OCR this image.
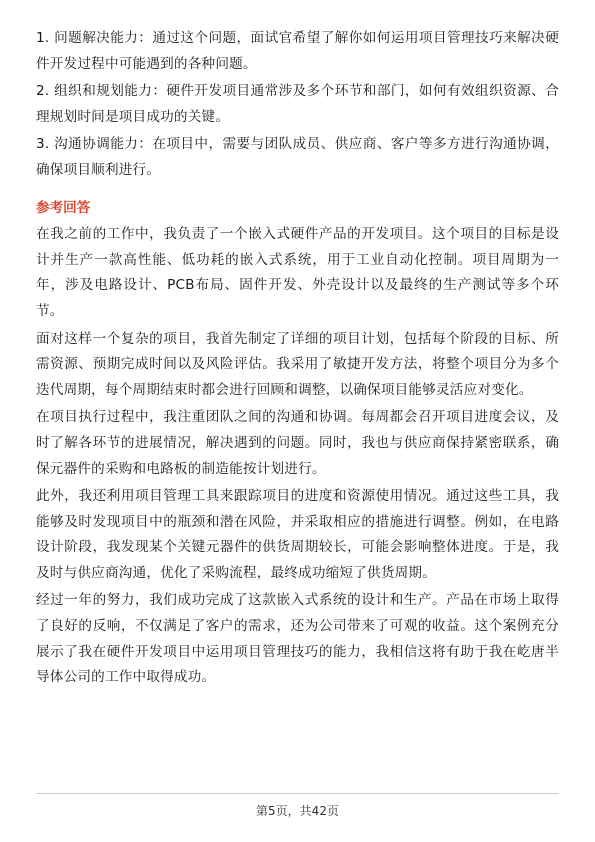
1. 问题解决能力：通过这个问题，面试官希望了解你如何运用项目管理技巧来解决硬件开发过程中可能遇到的各种问题。

2. 组织和规划能力：硬件开发项目通常涉及多个环节和部门，如何有效组织资源、合理规划时间是项目成功的关键。

3. 沟通协调能力：在项目中，需要与团队成员、供应商、客户等多方进行沟通协调，确保项目顺利进行。

参考回答

在我之前的工作中，我负责了一个嵌入式硬件产品的开发项目。这个项目的目标是设计并生产一款高性能、低功耗的嵌入式系统，用于工业自动化控制。项目周期为一年，涉及电路设计、PCB布局、固件开发、外壳设计以及最终的生产测试等多个环节。

面对这样一个复杂的项目，我首先制定了详细的项目计划，包括每个阶段的目标、所需资源、预期完成时间以及风险评估。我采用了敏捷开发方法，将整个项目分为多个迭代周期，每个周期结束时都会进行回顾和调整，以确保项目能够灵活应对变化。

在项目执行过程中，我注重团队之间的沟通和协调。每周都会召开项目进度会议，及时了解各环节的进展情况，解决遇到的问题。同时，我也与供应商保持紧密联系，确保元器件的采购和电路板的制造能按计划进行。

此外，我还利用项目管理工具来跟踪项目的进度和资源使用情况。通过这些工具，我能够及时发现项目中的瓶颈和潜在风险，并采取相应的措施进行调整。例如，在电路设计阶段，我发现某个关键元器件的供货周期较长，可能会影响整体进度。于是，我及时与供应商沟通，优化了采购流程，最终成功缩短了供货周期。

经过一年的努力，我们成功完成了这款嵌入式系统的设计和生产。产品在市场上取得了良好的反响，不仅满足了客户的需求，还为公司带来了可观的收益。这个案例充分展示了我在硬件开发项目中运用项目管理技巧的能力，我相信这将有助于我在屹唐半导体公司的工作中取得成功。

第5页，共42页
